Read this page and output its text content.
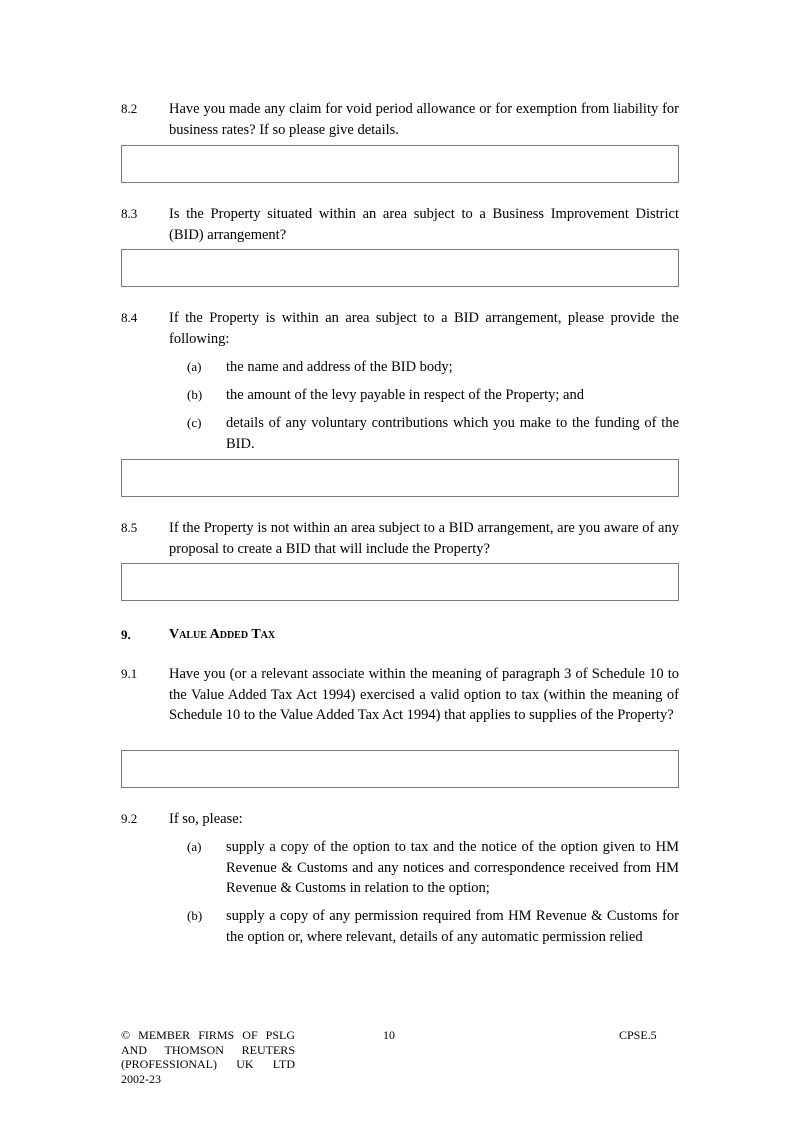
8.2 Have you made any claim for void period allowance or for exemption from liability for business rates? If so please give details.
8.3 Is the Property situated within an area subject to a Business Improvement District (BID) arrangement?
8.4 If the Property is within an area subject to a BID arrangement, please provide the following:
(a) the name and address of the BID body;
(b) the amount of the levy payable in respect of the Property; and
(c) details of any voluntary contributions which you make to the funding of the BID.
8.5 If the Property is not within an area subject to a BID arrangement, are you aware of any proposal to create a BID that will include the Property?
9.	Value Added Tax
9.1 Have you (or a relevant associate within the meaning of paragraph 3 of Schedule 10 to the Value Added Tax Act 1994) exercised a valid option to tax (within the meaning of Schedule 10 to the Value Added Tax Act 1994) that applies to supplies of the Property?
9.2 If so, please:
(a) supply a copy of the option to tax and the notice of the option given to HM Revenue & Customs and any notices and correspondence received from HM Revenue & Customs in relation to the option;
(b) supply a copy of any permission required from HM Revenue & Customs for the option or, where relevant, details of any automatic permission relied
© MEMBER FIRMS OF PSLG
AND THOMSON REUTERS
(PROFESSIONAL) UK LTD
2002-23
10	CPSE.5
